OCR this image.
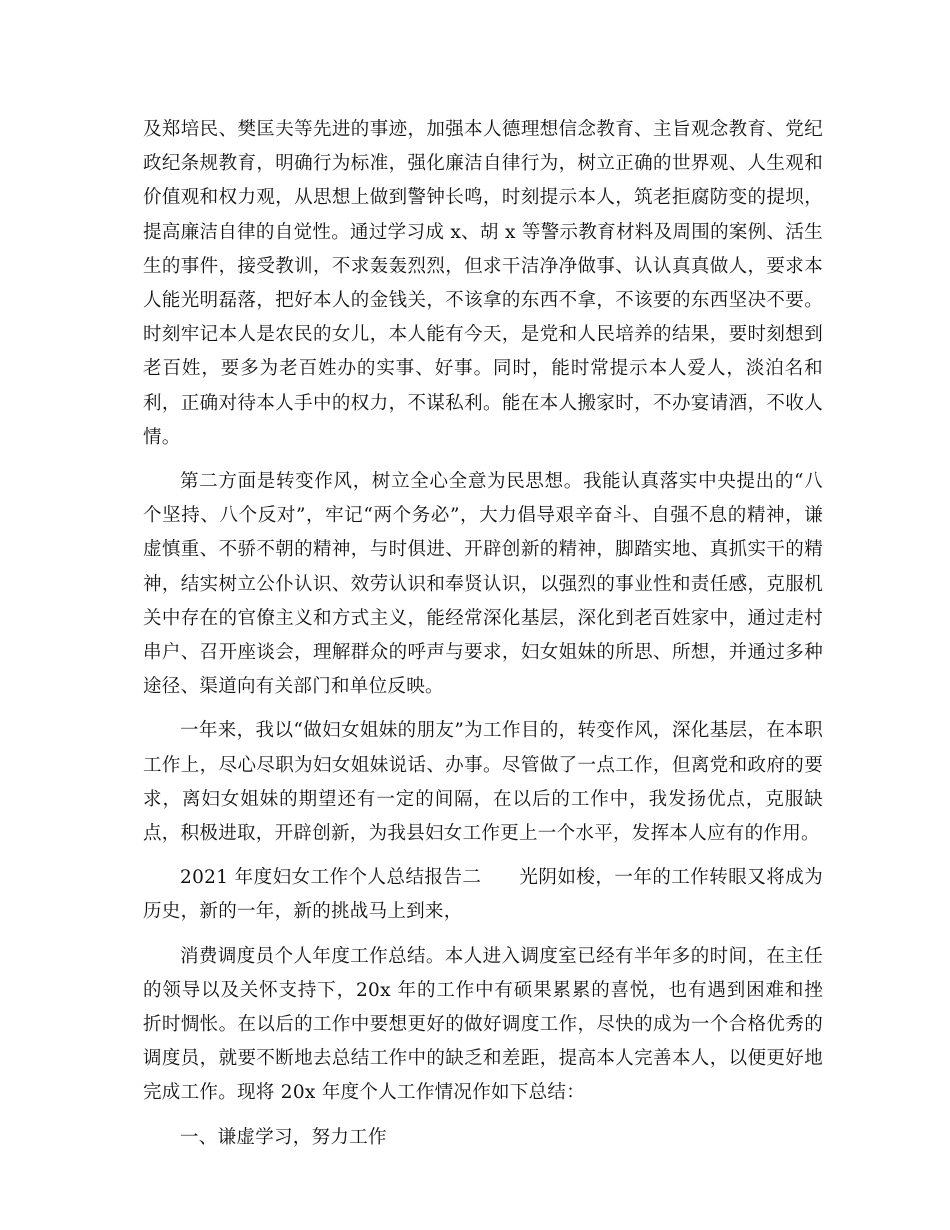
及郑培民、樊匡夫等先进的事迹，加强本人德理想信念教育、主旨观念教育、党纪政纪条规教育，明确行为标准，强化廉洁自律行为，树立正确的世界观、人生观和价值观和权力观，从思想上做到警钟长鸣，时刻提示本人，筑老拒腐防变的提坝，提高廉洁自律的自觉性。通过学习成 x、胡 x 等警示教育材料及周围的案例、活生生的事件，接受教训，不求轰轰烈烈，但求干洁净净做事、认认真真做人，要求本人能光明磊落，把好本人的金钱关，不该拿的东西不拿，不该要的东西坚决不要。时刻牢记本人是农民的女儿，本人能有今天，是党和人民培养的结果，要时刻想到老百姓，要多为老百姓办的实事、好事。同时，能时常提示本人爱人，淡泊名和利，正确对待本人手中的权力，不谋私利。能在本人搬家时，不办宴请酒，不收人情。

第二方面是转变作风，树立全心全意为民思想。我能认真落实中央提出的“八个坚持、八个反对”，牢记“两个务必”，大力倡导艰辛奋斗、自强不息的精神，谦虚慎重、不骄不朝的精神，与时俱进、开辟创新的精神，脚踏实地、真抓实干的精神，结实树立公仆认识、效劳认识和奉贤认识，以强烈的事业性和责任感，克服机关中存在的官僚主义和方式主义，能经常深化基层，深化到老百姓家中，通过走村串户、召开座谈会，理解群众的呼声与要求，妇女姐妹的所思、所想，并通过多种途径、渠道向有关部门和单位反映。

一年来，我以“做妇女姐妹的朋友”为工作目的，转变作风，深化基层，在本职工作上，尽心尽职为妇女姐妹说话、办事。尽管做了一点工作，但离党和政府的要求，离妇女姐妹的期望还有一定的间隔，在以后的工作中，我发扬优点，克服缺点，积极进取，开辟创新，为我县妇女工作更上一个水平，发挥本人应有的作用。

2021 年度妇女工作个人总结报告二　　光阴如梭，一年的工作转眼又将成为历史，新的一年，新的挑战马上到来，

消费调度员个人年度工作总结。本人进入调度室已经有半年多的时间，在主任的领导以及关怀支持下，20x 年的工作中有硕果累累的喜悦，也有遇到困难和挫折时惆怅。在以后的工作中要想更好的做好调度工作，尽快的成为一个合格优秀的调度员，就要不断地去总结工作中的缺乏和差距，提高本人完善本人，以便更好地完成工作。现将 20x 年度个人工作情况作如下总结：

一、谦虚学习，努力工作
